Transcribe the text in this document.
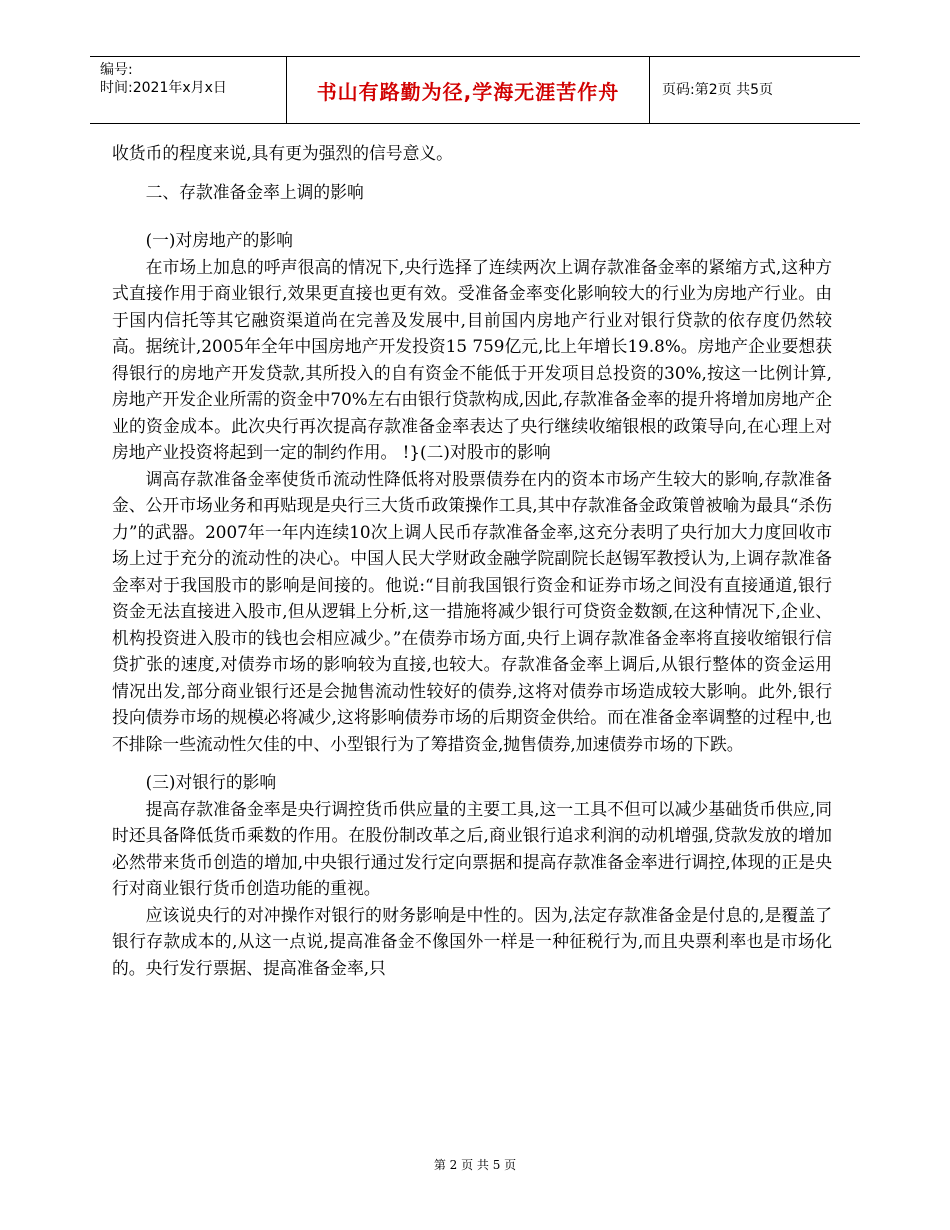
编号:
时间:2021年x月x日	书山有路勤为径,学海无涯苦作舟	页码:第2页 共5页

收货币的程度来说,具有更为强烈的信号意义。

二、存款准备金率上调的影响

(一)对房地产的影响

在市场上加息的呼声很高的情况下,央行选择了连续两次上调存款准备金率的紧缩方式,这种方式直接作用于商业银行,效果更直接也更有效。受准备金率变化影响较大的行业为房地产行业。由于国内信托等其它融资渠道尚在完善及发展中,目前国内房地产行业对银行贷款的依存度仍然较高。据统计,2005年全年中国房地产开发投资15 759亿元,比上年增长19.8%。房地产企业要想获得银行的房地产开发贷款,其所投入的自有资金不能低于开发项目总投资的30%,按这一比例计算,房地产开发企业所需的资金中70%左右由银行贷款构成,因此,存款准备金率的提升将增加房地产企业的资金成本。此次央行再次提高存款准备金率表达了央行继续收缩银根的政策导向,在心理上对房地产业投资将起到一定的制约作用。 !}(二)对股市的影响

调高存款准备金率使货币流动性降低将对股票债券在内的资本市场产生较大的影响,存款准备金、公开市场业务和再贴现是央行三大货币政策操作工具,其中存款准备金政策曾被喻为最具“杀伤力”的武器。2007年一年内连续10次上调人民币存款准备金率,这充分表明了央行加大力度回收市场上过于充分的流动性的决心。中国人民大学财政金融学院副院长赵锡军教授认为,上调存款准备金率对于我国股市的影响是间接的。他说:“目前我国银行资金和证券市场之间没有直接通道,银行资金无法直接进入股市,但从逻辑上分析,这一措施将减少银行可贷资金数额,在这种情况下,企业、机构投资进入股市的钱也会相应减少。”在债券市场方面,央行上调存款准备金率将直接收缩银行信贷扩张的速度,对债券市场的影响较为直接,也较大。存款准备金率上调后,从银行整体的资金运用情况出发,部分商业银行还是会抛售流动性较好的债券,这将对债券市场造成较大影响。此外,银行投向债券市场的规模必将减少,这将影响债券市场的后期资金供给。而在准备金率调整的过程中,也不排除一些流动性欠佳的中、小型银行为了筹措资金,抛售债券,加速债券市场的下跌。

(三)对银行的影响

提高存款准备金率是央行调控货币供应量的主要工具,这一工具不但可以减少基础货币供应,同时还具备降低货币乘数的作用。在股份制改革之后,商业银行追求利润的动机增强,贷款发放的增加必然带来货币创造的增加,中央银行通过发行定向票据和提高存款准备金率进行调控,体现的正是央行对商业银行货币创造功能的重视。

应该说央行的对冲操作对银行的财务影响是中性的。因为,法定存款准备金是付息的,是覆盖了银行存款成本的,从这一点说,提高准备金不像国外一样是一种征税行为,而且央票利率也是市场化的。央行发行票据、提高准备金率,只

第 2 页 共 5 页
